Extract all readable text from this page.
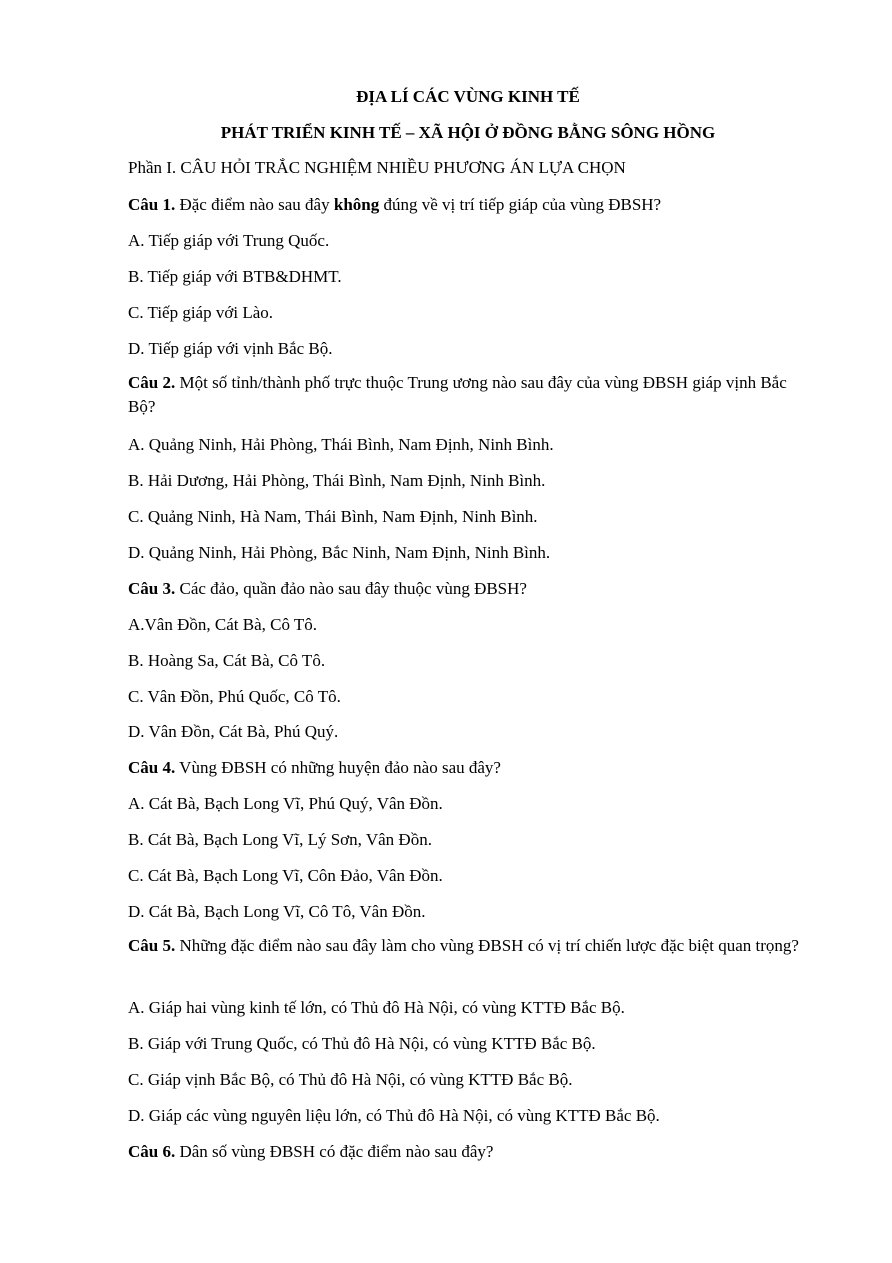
ĐỊA LÍ CÁC VÙNG KINH TẾ
PHÁT TRIỂN KINH TẾ – XÃ HỘI Ở ĐỒNG BẰNG SÔNG HỒNG
Phần I. CÂU HỎI TRẮC NGHIỆM NHIỀU PHƯƠNG ÁN LỰA CHỌN
Câu 1. Đặc điểm nào sau đây không đúng về vị trí tiếp giáp của vùng ĐBSH?
A. Tiếp giáp với Trung Quốc.
B. Tiếp giáp với BTB&DHMT.
C. Tiếp giáp với Lào.
D. Tiếp giáp với vịnh Bắc Bộ.
Câu 2. Một số tỉnh/thành phố trực thuộc Trung ương nào sau đây của vùng ĐBSH giáp vịnh Bắc  Bộ?
A. Quảng Ninh, Hải Phòng, Thái Bình, Nam Định, Ninh Bình.
B. Hải Dương, Hải Phòng, Thái Bình, Nam Định, Ninh Bình.
C. Quảng Ninh, Hà Nam, Thái Bình, Nam Định, Ninh Bình.
D. Quảng Ninh, Hải Phòng, Bắc Ninh, Nam Định, Ninh Bình.
Câu 3. Các đảo, quần đảo nào sau đây thuộc vùng ĐBSH?
A.Vân Đồn, Cát Bà, Cô Tô.
B. Hoàng Sa, Cát Bà, Cô Tô.
C. Vân Đồn, Phú Quốc, Cô Tô.
D. Vân Đồn, Cát Bà, Phú Quý.
Câu 4. Vùng ĐBSH có những huyện đảo nào sau đây?
A. Cát Bà, Bạch Long Vĩ, Phú Quý, Vân Đồn.
B. Cát Bà, Bạch Long Vĩ, Lý Sơn, Vân Đồn.
C. Cát Bà, Bạch Long Vĩ, Côn Đảo, Vân Đồn.
D. Cát Bà, Bạch Long Vĩ, Cô Tô, Vân Đồn.
Câu 5. Những đặc điểm nào sau đây làm cho vùng ĐBSH có vị trí chiến lược đặc biệt quan trọng?
A. Giáp hai vùng kinh tế lớn, có Thủ đô Hà Nội, có vùng KTTĐ Bắc Bộ.
B. Giáp với Trung Quốc, có Thủ đô Hà Nội, có vùng KTTĐ Bắc Bộ.
C. Giáp vịnh Bắc Bộ, có Thủ đô Hà Nội, có vùng KTTĐ Bắc Bộ.
D. Giáp các vùng nguyên liệu lớn, có Thủ đô Hà Nội, có vùng KTTĐ Bắc Bộ.
Câu 6. Dân số vùng ĐBSH có đặc điểm nào sau đây?
